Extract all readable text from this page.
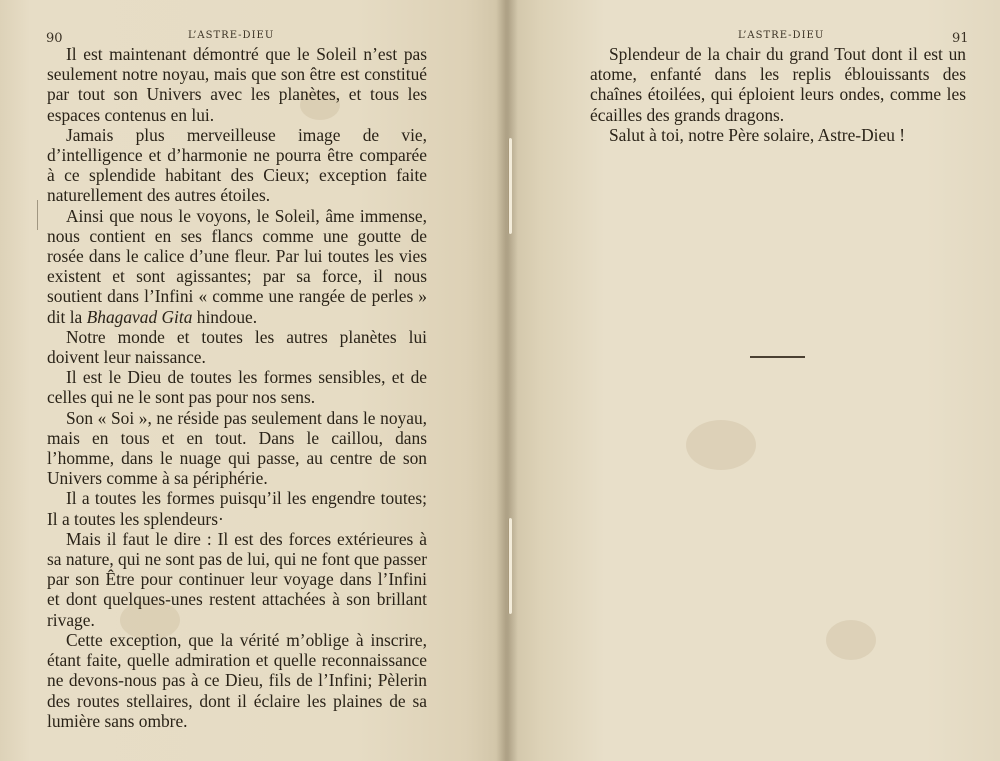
90	L’ASTRE-DIEU

Il est maintenant démontré que le Soleil n’est pas seulement notre noyau, mais que son être est constitué par tout son Univers avec les planètes, et tous les espaces contenus en lui.

Jamais plus merveilleuse image de vie, d’intelligence et d’harmonie ne pourra être comparée à ce splendide habitant des Cieux; exception faite naturellement des autres étoiles.

Ainsi que nous le voyons, le Soleil, âme immense, nous contient en ses flancs comme une goutte de rosée dans le calice d’une fleur. Par lui toutes les vies existent et sont agissantes; par sa force, il nous soutient dans l’Infini « comme une rangée de perles » dit la Bhagavad Gita hindoue.

Notre monde et toutes les autres planètes lui doivent leur naissance.

Il est le Dieu de toutes les formes sensibles, et de celles qui ne le sont pas pour nos sens.

Son « Soi », ne réside pas seulement dans le noyau, mais en tous et en tout. Dans le caillou, dans l’homme, dans le nuage qui passe, au centre de son Univers comme à sa périphérie.

Il a toutes les formes puisqu’il les engendre toutes; Il a toutes les splendeurs·

Mais il faut le dire : Il est des forces extérieures à sa nature, qui ne sont pas de lui, qui ne font que passer par son Être pour continuer leur voyage dans l’Infini et dont quelques-unes restent attachées à son brillant rivage.

Cette exception, que la vérité m’oblige à inscrire, étant faite, quelle admiration et quelle reconnaissance ne devons-nous pas à ce Dieu, fils de l’Infini; Pèlerin des routes stellaires, dont il éclaire les plaines de sa lumière sans ombre.

L’ASTRE-DIEU	91

Splendeur de la chair du grand Tout dont il est un atome, enfanté dans les replis éblouissants des chaînes étoilées, qui éploient leurs ondes, comme les écailles des grands dragons.

Salut à toi, notre Père solaire, Astre-Dieu !
